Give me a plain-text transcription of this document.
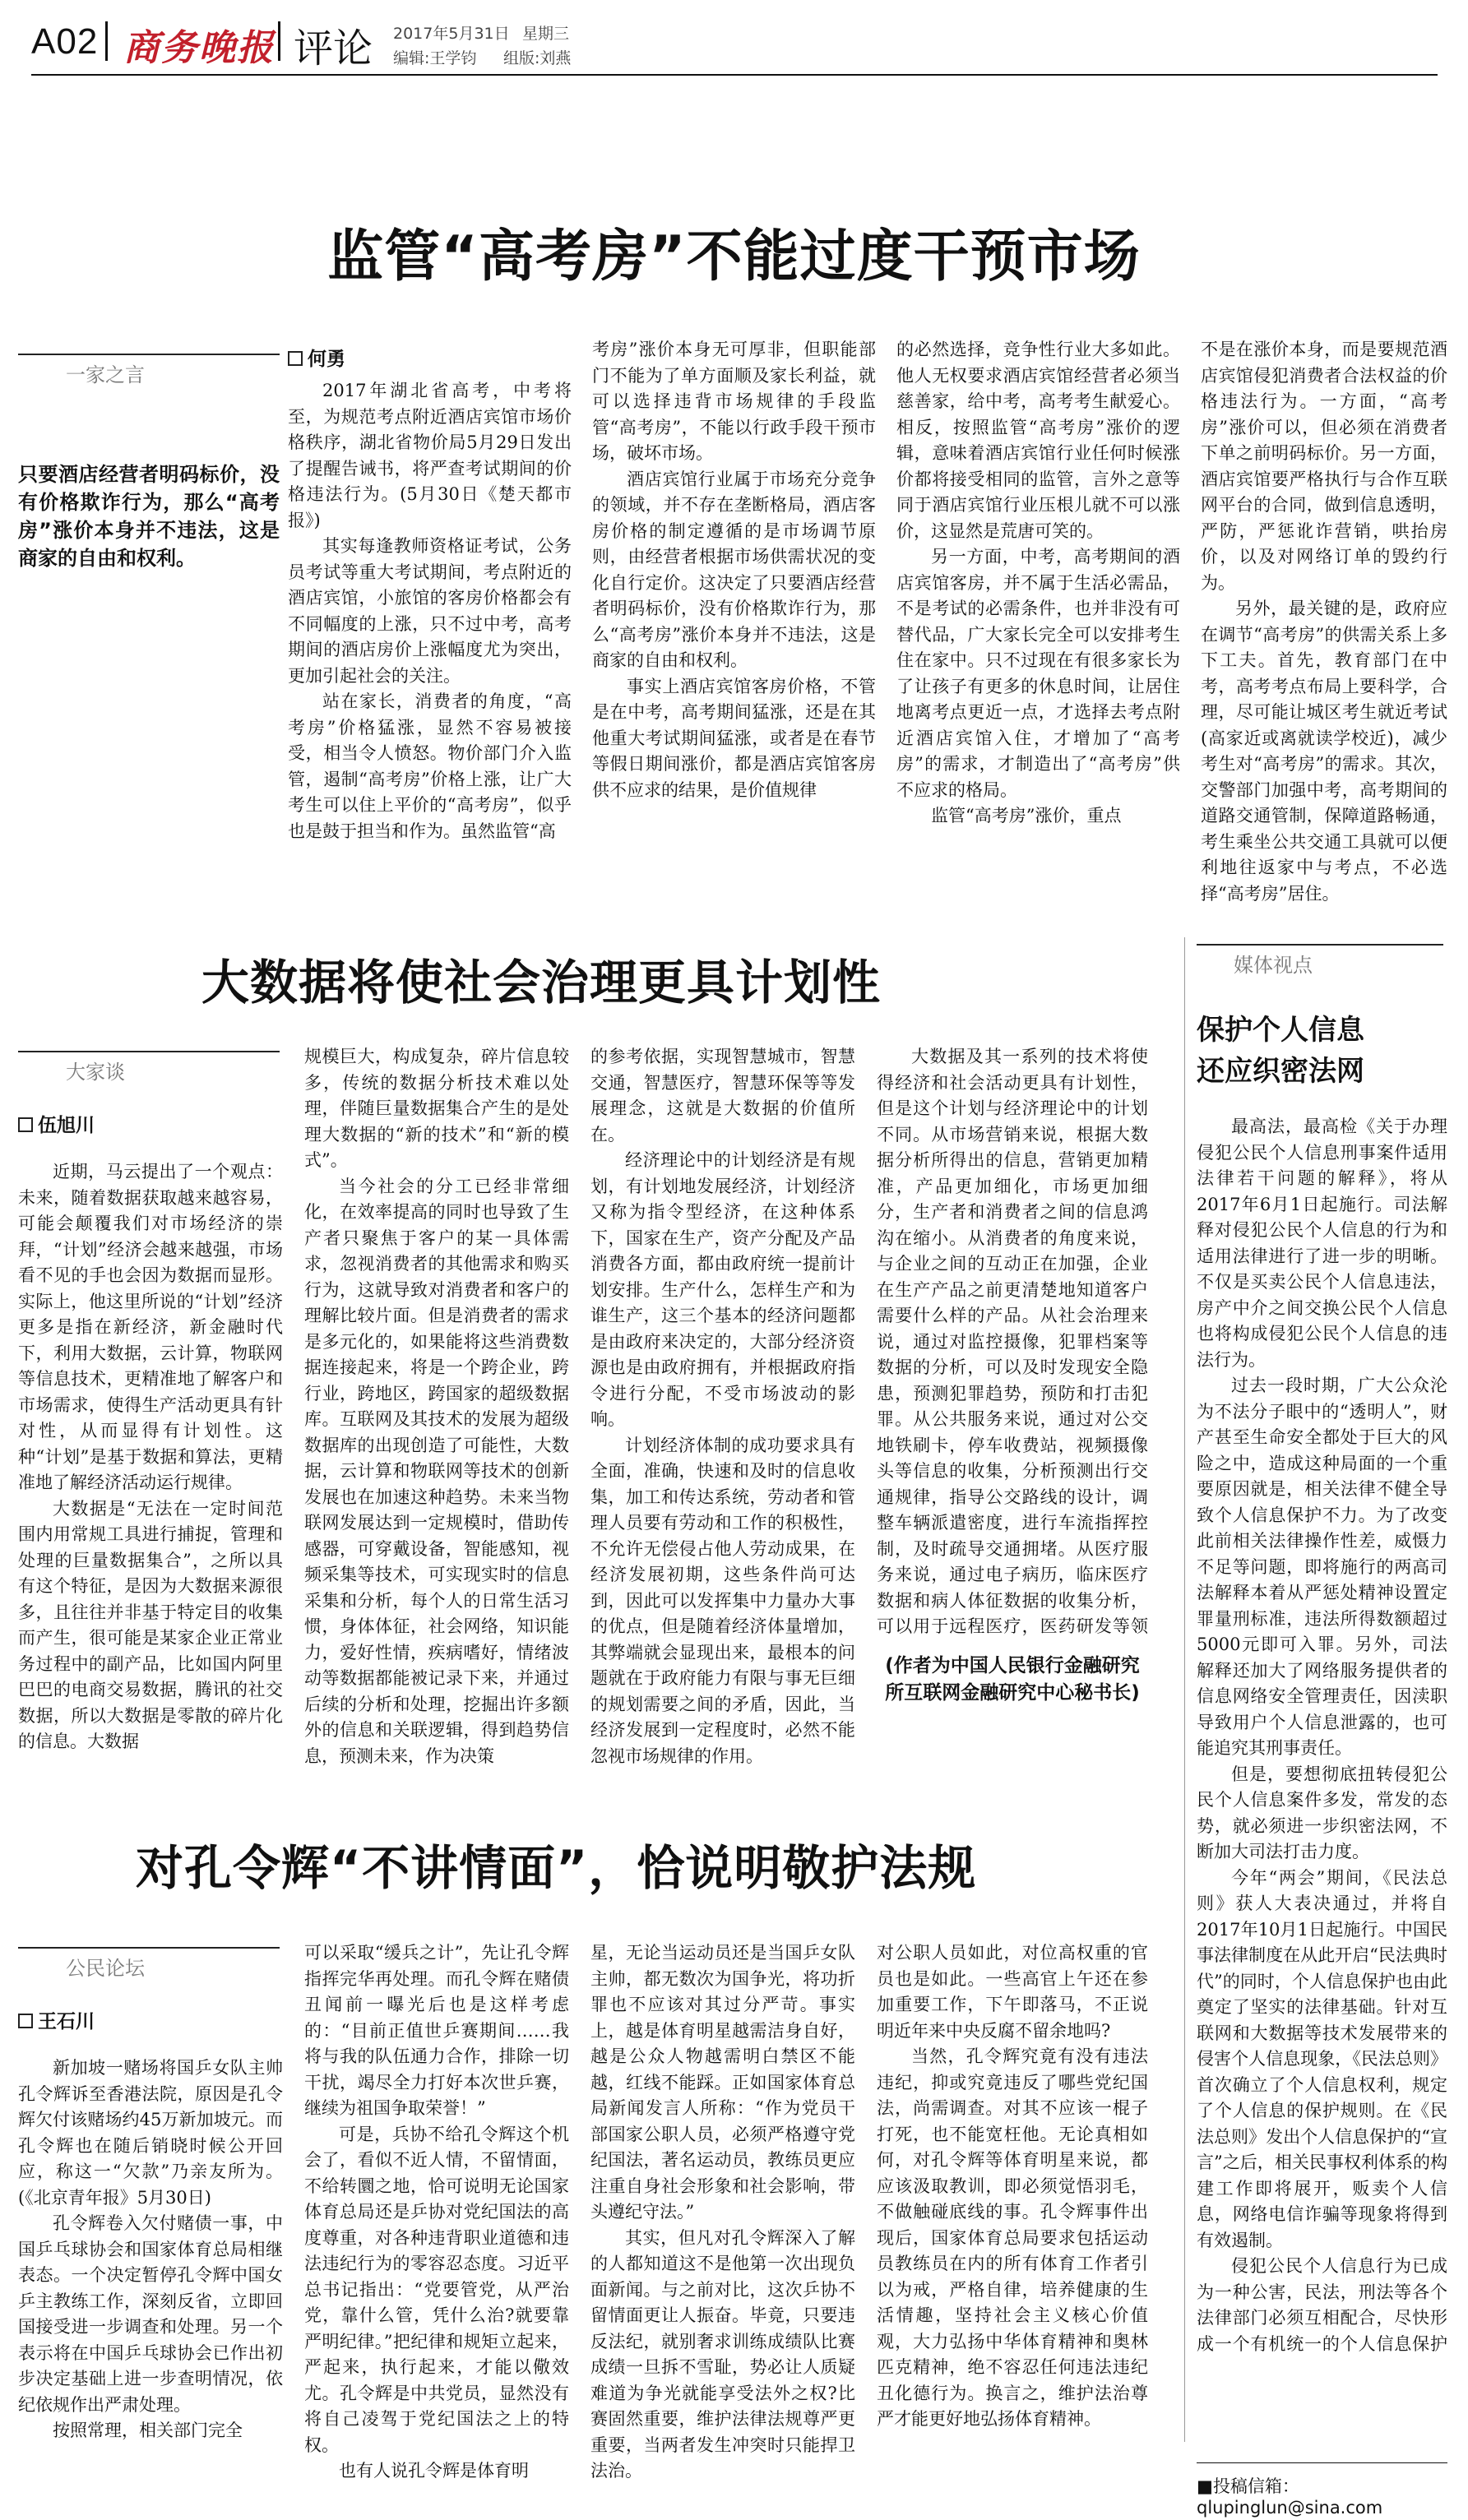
A02 商务晚报 评论 2017年5月31日 星期三
编辑:王学钧 组版:刘燕
监管“高考房”不能过度干预市场
一家之言
只要酒店经营者明码标价，没有价格欺诈行为，那么“高考房”涨价本身并不违法，这是商家的自由和权利。
何勇

2017年湖北省高考，中考将至，为规范考点附近酒店宾馆市场价格秩序，湖北省物价局5月29日发出了提醒告诫书，将严查考试期间的价格违法行为。(5月30日《楚天都市报》)

其实每逢教师资格证考试，公务员考试等重大考试期间，考点附近的酒店宾馆，小旅馆的客房价格都会有不同幅度的上涨，只不过中考，高考期间的酒店房价上涨幅度尤为突出，更加引起社会的关注。

站在家长，消费者的角度，“高考房”价格猛涨，显然不容易被接受，相当令人愤怒。物价部门介入监管，遏制“高考房”价格上涨，让广大考生可以住上平价的“高考房”，似乎也是鼓于担当和作为。虽然监管“高

考房”涨价本身无可厚非，但职能部门不能为了单方面顺及家长利益，就可以选择违背市场规律的手段监管“高考房”，不能以行政手段干预市场，破坏市场。

酒店宾馆行业属于市场充分竞争的领域，并不存在垄断格局，酒店客房价格的制定遵循的是市场调节原则，由经营者根据市场供需状况的变化自行定价。这决定了只要酒店经营者明码标价，没有价格欺诈行为，那么“高考房”涨价本身并不违法，这是商家的自由和权利。

事实上酒店宾馆客房价格，不管是在中考，高考期间猛涨，还是在其他重大考试期间猛涨，或者是在春节等假日期间涨价，都是酒店宾馆客房供不应求的结果，是价值规律

的必然选择，竞争性行业大多如此。他人无权要求酒店宾馆经营者必须当慈善家，给中考，高考考生献爱心。相反，按照监管“高考房”涨价的逻辑，意味着酒店宾馆行业任何时候涨价都将接受相同的监管，言外之意等同于酒店宾馆行业压根儿就不可以涨价，这显然是荒唐可笑的。

另一方面，中考，高考期间的酒店宾馆客房，并不属于生活必需品，不是考试的必需条件，也并非没有可替代品，广大家长完全可以安排考生住在家中。只不过现在有很多家长为了让孩子有更多的休息时间，让居住地离考点更近一点，才选择去考点附近酒店宾馆入住，才增加了“高考房”的需求，才制造出了“高考房”供不应求的格局。

监管“高考房”涨价，重点

不是在涨价本身，而是要规范酒店宾馆侵犯消费者合法权益的价格违法行为。一方面，“高考房”涨价可以，但必须在消费者下单之前明码标价。另一方面，酒店宾馆要严格执行与合作互联网平台的合同，做到信息透明，严防，严惩讹诈营销，哄抬房价，以及对网络订单的毁约行为。

另外，最关键的是，政府应在调节“高考房”的供需关系上多下工夫。首先，教育部门在中考，高考考点布局上要科学，合理，尽可能让城区考生就近考试(高家近或离就读学校近)，减少考生对“高考房”的需求。其次，交警部门加强中考，高考期间的道路交通管制，保障道路畅通，考生乘坐公共交通工具就可以便利地往返家中与考点，不必选择“高考房”居住。

媒体视点
保护个人信息
还应织密法网

最高法，最高检《关于办理侵犯公民个人信息刑事案件适用法律若干问题的解释》，将从2017年6月1日起施行。司法解释对侵犯公民个人信息的行为和适用法律进行了进一步的明晰。不仅是买卖公民个人信息违法，房产中介之间交换公民个人信息也将构成侵犯公民个人信息的违法行为。

过去一段时期，广大公众沦为不法分子眼中的“透明人”，财产甚至生命安全都处于巨大的风险之中，造成这种局面的一个重要原因就是，相关法律不健全导致个人信息保护不力。为了改变此前相关法律操作性差，威慑力不足等问题，即将施行的两高司法解释本着从严惩处精神设置定罪量刑标准，违法所得数额超过5000元即可入罪。另外，司法解释还加大了网络服务提供者的信息网络安全管理责任，因渎职导致用户个人信息泄露的，也可能追究其刑事责任。

但是，要想彻底扭转侵犯公民个人信息案件多发，常发的态势，就必须进一步织密法网，不断加大司法打击力度。

今年“两会”期间，《民法总则》获人大表决通过，并将自2017年10月1日起施行。中国民事法律制度在从此开启“民法典时代”的同时，个人信息保护也由此奠定了坚实的法律基础。针对互联网和大数据等技术发展带来的侵害个人信息现象，《民法总则》首次确立了个人信息权利，规定了个人信息的保护规则。在《民法总则》发出个人信息保护的“宣言”之后，相关民事权利体系的构建工作即将展开，贩卖个人信息，网络电信诈骗等现象将得到有效遏制。

侵犯公民个人信息行为已成为一种公害，民法，刑法等各个法律部门必须互相配合，尽快形成一个有机统一的个人信息保护

大数据将使社会治理更具计划性
大家谈
伍旭川

近期，马云提出了一个观点：未来，随着数据获取越来越容易，可能会颠覆我们对市场经济的崇拜，“计划”经济会越来越强，市场看不见的手也会因为数据而显形。实际上，他这里所说的“计划”经济更多是指在新经济，新金融时代下，利用大数据，云计算，物联网等信息技术，更精准地了解客户和市场需求，使得生产活动更具有针对性，从而显得有计划性。这种“计划”是基于数据和算法，更精准地了解经济活动运行规律。

大数据是“无法在一定时间范围内用常规工具进行捕捉，管理和处理的巨量数据集合”，之所以具有这个特征，是因为大数据来源很多，且往往并非基于特定目的收集而产生，很可能是某家企业正常业务过程中的副产品，比如国内阿里巴巴的电商交易数据，腾讯的社交数据，所以大数据是零散的碎片化的信息。大数据

规模巨大，构成复杂，碎片信息较多，传统的数据分析技术难以处理，伴随巨量数据集合产生的是处理大数据的“新的技术”和“新的模式”。

当今社会的分工已经非常细化，在效率提高的同时也导致了生产者只聚焦于客户的某一具体需求，忽视消费者的其他需求和购买行为，这就导致对消费者和客户的理解比较片面。但是消费者的需求是多元化的，如果能将这些消费数据连接起来，将是一个跨企业，跨行业，跨地区，跨国家的超级数据库。互联网及其技术的发展为超级数据库的出现创造了可能性，大数据，云计算和物联网等技术的创新发展也在加速这种趋势。未来当物联网发展达到一定规模时，借助传感器，可穿戴设备，智能感知，视频采集等技术，可实现实时的信息采集和分析，每个人的日常生活习惯，身体体征，社会网络，知识能力，爱好性情，疾病嗜好，情绪波动等数据都能被记录下来，并通过后续的分析和处理，挖掘出许多额外的信息和关联逻辑，得到趋势信息，预测未来，作为决策

的参考依据，实现智慧城市，智慧交通，智慧医疗，智慧环保等等发展理念，这就是大数据的价值所在。

经济理论中的计划经济是有规划，有计划地发展经济，计划经济又称为指令型经济，在这种体系下，国家在生产，资产分配及产品消费各方面，都由政府统一提前计划安排。生产什么，怎样生产和为谁生产，这三个基本的经济问题都是由政府来决定的，大部分经济资源也是由政府拥有，并根据政府指令进行分配，不受市场波动的影响。

计划经济体制的成功要求具有全面，准确，快速和及时的信息收集，加工和传达系统，劳动者和管理人员要有劳动和工作的积极性，不允许无偿侵占他人劳动成果，在经济发展初期，这些条件尚可达到，因此可以发挥集中力量办大事的优点，但是随着经济体量增加，其弊端就会显现出来，最根本的问题就在于政府能力有限与事无巨细的规划需要之间的矛盾，因此，当经济发展到一定程度时，必然不能忽视市场规律的作用。

大数据及其一系列的技术将使得经济和社会活动更具有计划性，但是这个计划与经济理论中的计划不同。从市场营销来说，根据大数据分析所得出的信息，营销更加精准，产品更加细化，市场更加细分，生产者和消费者之间的信息鸿沟在缩小。从消费者的角度来说，与企业之间的互动正在加强，企业在生产产品之前更清楚地知道客户需要什么样的产品。从社会治理来说，通过对监控摄像，犯罪档案等数据的分析，可以及时发现安全隐患，预测犯罪趋势，预防和打击犯罪。从公共服务来说，通过对公交地铁刷卡，停车收费站，视频摄像头等信息的收集，分析预测出行交通规律，指导公交路线的设计，调整车辆派遣密度，进行车流指挥控制，及时疏导交通拥堵。从医疗服务来说，通过电子病历，临床医疗数据和病人体征数据的收集分析，可以用于远程医疗，医药研发等领

(作者为中国人民银行金融研究所互联网金融研究中心秘书长)
对孔令辉“不讲情面”，恰说明敬护法规
公民论坛
王石川

新加坡一赌场将国乒女队主帅孔令辉诉至香港法院，原因是孔令辉欠付该赌场约45万新加坡元。而孔令辉也在随后销晓时候公开回应，称这一“欠款”乃亲友所为。(《北京青年报》5月30日)

孔令辉卷入欠付赌债一事，中国乒乓球协会和国家体育总局相继表态。一个决定暂停孔令辉中国女乒主教练工作，深刻反省，立即回国接受进一步调查和处理。另一个表示将在中国乒乓球协会已作出初步决定基础上进一步查明情况，依纪依规作出严肃处理。

按照常理，相关部门完全

可以采取“缓兵之计”，先让孔令辉指挥完华再处理。而孔令辉在赌债丑闻前一曝光后也是这样考虑的：“目前正值世乒赛期间……我将与我的队伍通力合作，排除一切干扰，竭尽全力打好本次世乒赛，继续为祖国争取荣誉！”

可是，兵协不给孔令辉这个机会了，看似不近人情，不留情面，不给转圜之地，恰可说明无论国家体育总局还是乒协对党纪国法的高度尊重，对各种违背职业道德和违法违纪行为的零容忍态度。习近平总书记指出：“党要管党，从严治党，靠什么管，凭什么治?就要靠严明纪律。”把纪律和规矩立起来，严起来，执行起来，才能以儆效尤。孔令辉是中共党员，显然没有将自己凌驾于党纪国法之上的特权。

也有人说孔令辉是体育明

星，无论当运动员还是当国乒女队主帅，都无数次为国争光，将功折罪也不应该对其过分严苛。事实上，越是体育明星越需洁身自好，越是公众人物越需明白禁区不能越，红线不能踩。正如国家体育总局新闻发言人所称：“作为党员干部国家公职人员，必须严格遵守党纪国法，著名运动员，教练员更应注重自身社会形象和社会影响，带头遵纪守法。”

其实，但凡对孔令辉深入了解的人都知道这不是他第一次出现负面新闻。与之前对比，这次乒协不留情面更让人振奋。毕竟，只要违反法纪，就别奢求训练成绩队比赛成绩一旦拆不雪耻，势必让人质疑难道为争光就能享受法外之权?比赛固然重要，维护法律法规尊严更重要，当两者发生冲突时只能捍卫法治。

对公职人员如此，对位高权重的官员也是如此。一些高官上午还在参加重要工作，下午即落马，不正说明近年来中央反腐不留余地吗?

当然，孔令辉究竟有没有违法违纪，抑或究竟违反了哪些党纪国法，尚需调查。对其不应该一棍子打死，也不能宽枉他。无论真相如何，对孔令辉等体育明星来说，都应该汲取教训，即必须觉悟羽毛，不做触碰底线的事。孔令辉事件出现后，国家体育总局要求包括运动员教练员在内的所有体育工作者引以为戒，严格自律，培养健康的生活情趣，坚持社会主义核心价值观，大力弘扬中华体育精神和奥林匹克精神，绝不容忍任何违法违纪丑化德行为。换言之，维护法治尊严才能更好地弘扬体育精神。

■投稿信箱：qlupinglun@sina.com
